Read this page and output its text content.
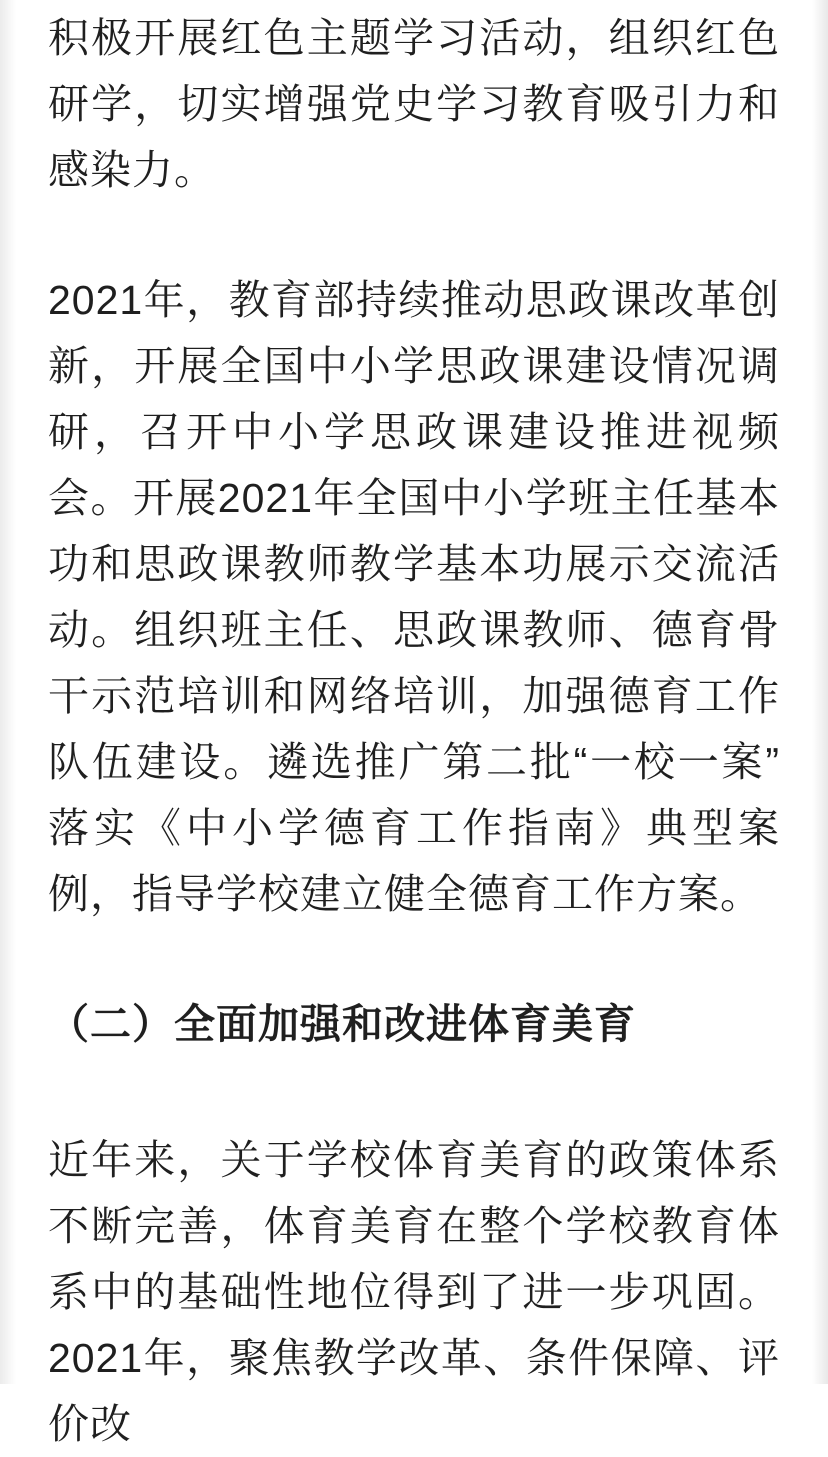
积极开展红色主题学习活动，组织红色研学，切实增强党史学习教育吸引力和感染力。

2021年，教育部持续推动思政课改革创新，开展全国中小学思政课建设情况调研，召开中小学思政课建设推进视频会。开展2021年全国中小学班主任基本功和思政课教师教学基本功展示交流活动。组织班主任、思政课教师、德育骨干示范培训和网络培训，加强德育工作队伍建设。遴选推广第二批“一校一案”落实《中小学德育工作指南》典型案例，指导学校建立健全德育工作方案。

（二）全面加强和改进体育美育

近年来，关于学校体育美育的政策体系不断完善，体育美育在整个学校教育体系中的基础性地位得到了进一步巩固。2021年，聚焦教学改革、条件保障、评价改
